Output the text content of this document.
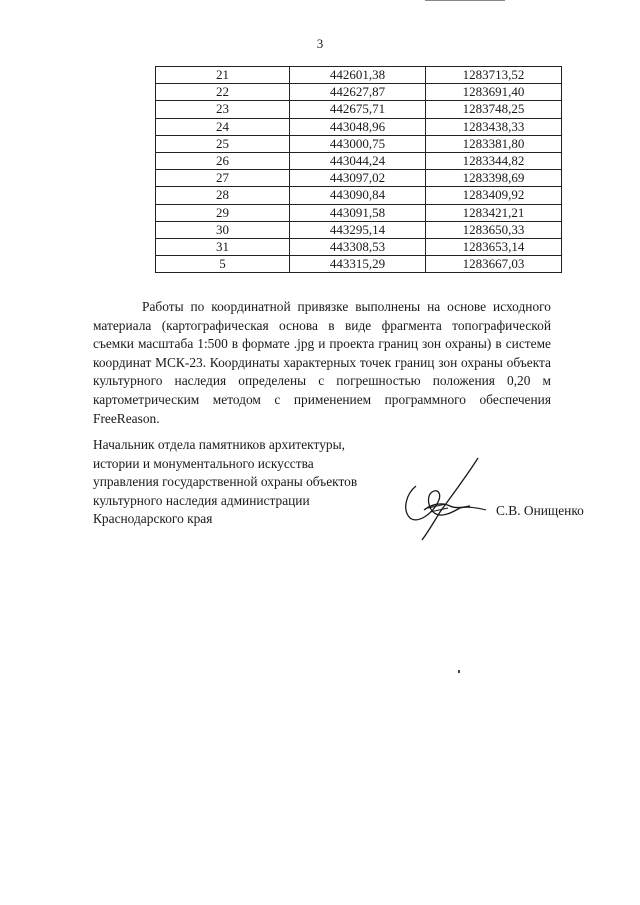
3
21	442601,38	1283713,52
22	442627,87	1283691,40
23	442675,71	1283748,25
24	443048,96	1283438,33
25	443000,75	1283381,80
26	443044,24	1283344,82
27	443097,02	1283398,69
28	443090,84	1283409,92
29	443091,58	1283421,21
30	443295,14	1283650,33
31	443308,53	1283653,14
5	443315,29	1283667,03

Работы по координатной привязке выполнены на основе исходного материала (картографическая основа в виде фрагмента топографической съемки масштаба 1:500 в формате .jpg и проекта границ зон охраны) в системе координат МСК-23. Координаты характерных точек границ зон охраны объекта культурного наследия определены с погрешностью положения 0,20 м картометрическим методом с применением программного обеспечения FreeReason.

Начальник отдела памятников архитектуры,
истории и монументального искусства
управления государственной охраны объектов
культурного наследия администрации
Краснодарского края
С.В. Онищенко
